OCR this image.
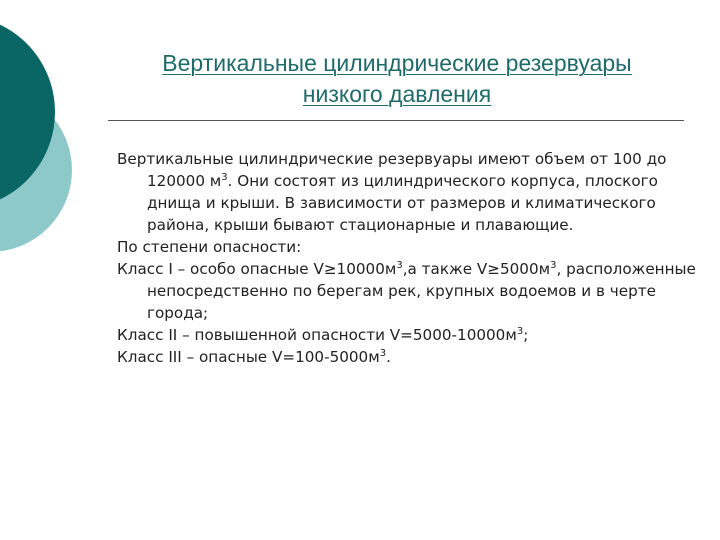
Вертикальные цилиндрические резервуары
низкого давления

Вертикальные цилиндрические резервуары имеют объем от 100 до 120000 $м^3$. Они состоят из цилиндрического корпуса, плоского днища и крыши. В зависимости от размеров и климатического района, крыши бывают стационарные и плавающие.

По степени опасности:

Класс I – особо опасные $V\ge 10000м^3,а$ также $V\ge 5000м^3$, расположенные непосредственно по берегам рек, крупных водоемов и в черте города;

Класс II – повышенной опасности $V=5000-10000м^3$;

Класс III – опасные $V=100-5000м^3$.
